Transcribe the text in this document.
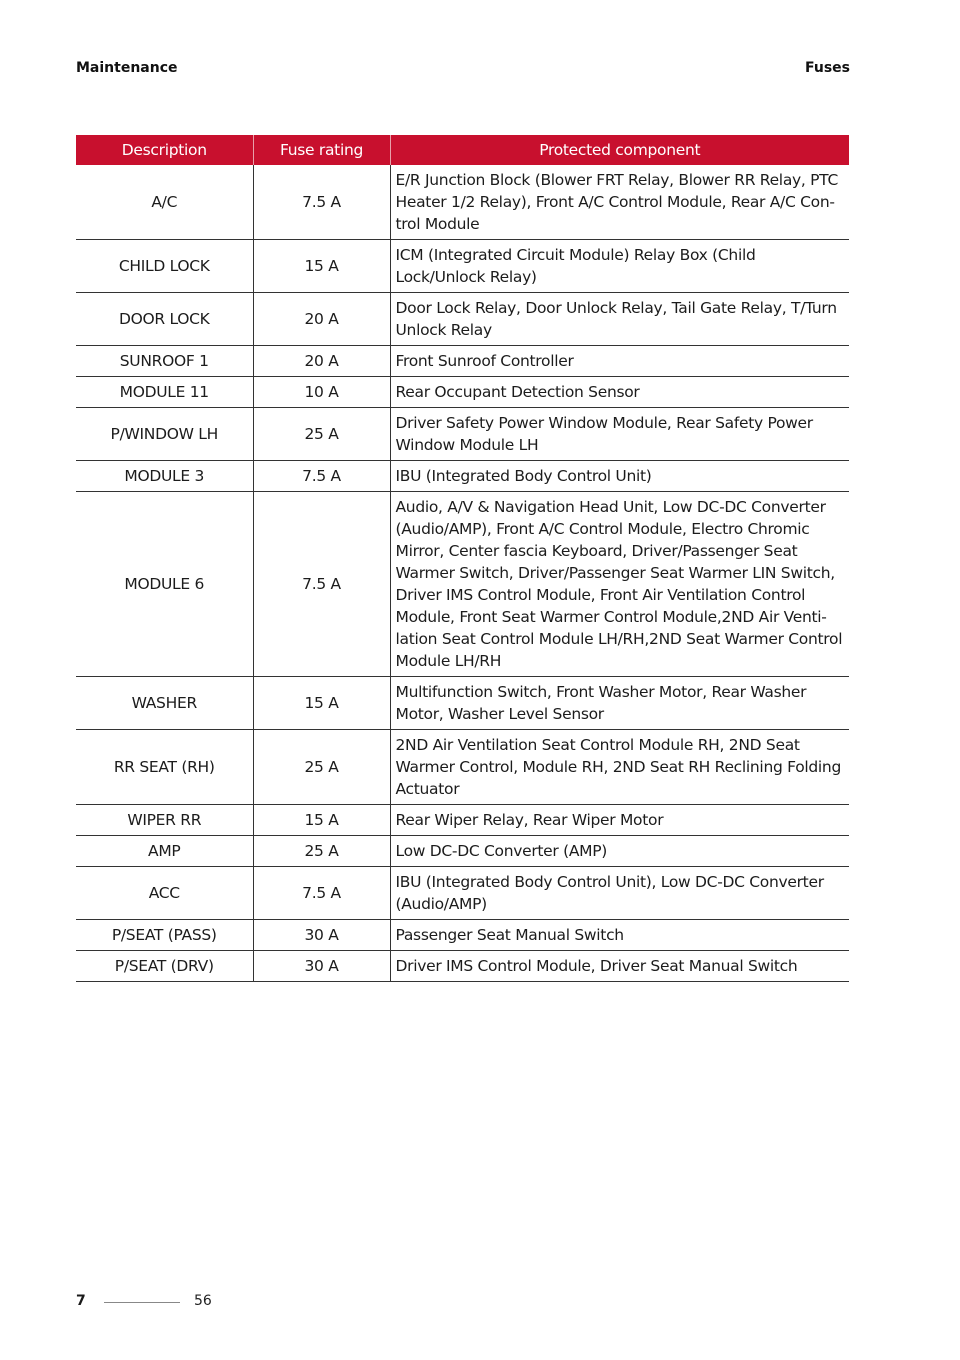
Maintenance	Fuses
Description	Fuse rating	Protected component
A/C	7.5 A	E/R Junction Block (Blower FRT Relay, Blower RR Relay, PTC Heater 1/2 Relay), Front A/C Control Module, Rear A/C Con-trol Module
CHILD LOCK	15 A	ICM (Integrated Circuit Module) Relay Box (Child Lock/Unlock Relay)
DOOR LOCK	20 A	Door Lock Relay, Door Unlock Relay, Tail Gate Relay, T/Turn Unlock Relay
SUNROOF 1	20 A	Front Sunroof Controller
MODULE 11	10 A	Rear Occupant Detection Sensor
P/WINDOW LH	25 A	Driver Safety Power Window Module, Rear Safety Power Window Module LH
MODULE 3	7.5 A	IBU (Integrated Body Control Unit)
MODULE 6	7.5 A	Audio, A/V & Navigation Head Unit, Low DC-DC Converter (Audio/AMP), Front A/C Control Module, Electro Chromic Mirror, Center fascia Keyboard, Driver/Passenger Seat Warmer Switch, Driver/Passenger Seat Warmer LIN Switch, Driver IMS Control Module, Front Air Ventilation Control Module, Front Seat Warmer Control Module,2ND Air Venti-lation Seat Control Module LH/RH,2ND Seat Warmer Control Module LH/RH
WASHER	15 A	Multifunction Switch, Front Washer Motor, Rear Washer Motor, Washer Level Sensor
RR SEAT (RH)	25 A	2ND Air Ventilation Seat Control Module RH, 2ND Seat Warmer Control, Module RH, 2ND Seat RH Reclining Folding Actuator
WIPER RR	15 A	Rear Wiper Relay, Rear Wiper Motor
AMP	25 A	Low DC-DC Converter (AMP)
ACC	7.5 A	IBU (Integrated Body Control Unit), Low DC-DC Converter (Audio/AMP)
P/SEAT (PASS)	30 A	Passenger Seat Manual Switch
P/SEAT (DRV)	30 A	Driver IMS Control Module, Driver Seat Manual Switch
7	56
